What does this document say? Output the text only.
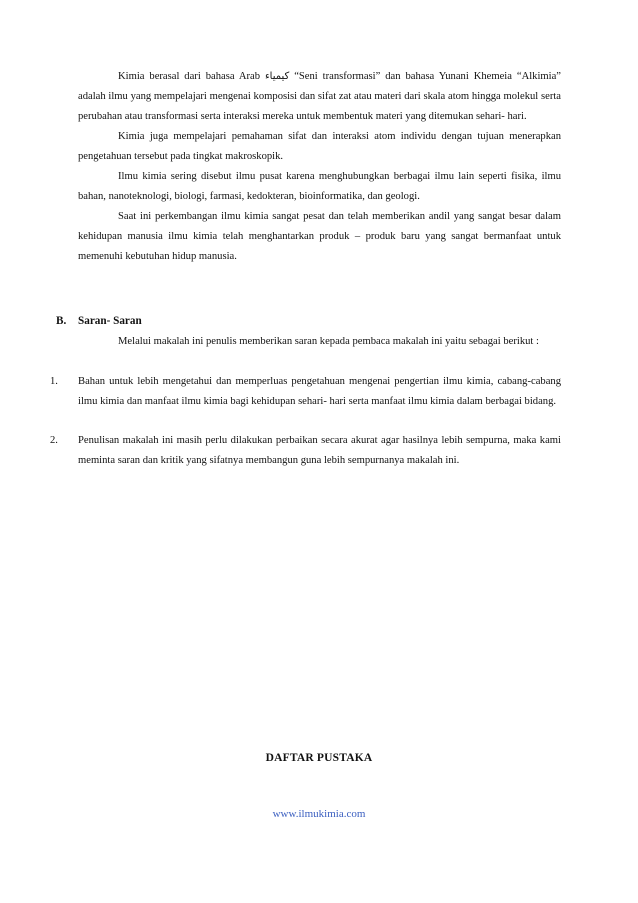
Kimia berasal dari bahasa Arab كيمياء “Seni transformasi” dan bahasa Yunani Khemeia “Alkimia” adalah ilmu yang mempelajari mengenai komposisi dan sifat zat atau materi dari skala atom hingga molekul serta perubahan atau transformasi serta interaksi mereka untuk membentuk materi yang ditemukan sehari- hari.

Kimia juga mempelajari pemahaman sifat dan interaksi atom individu dengan tujuan menerapkan pengetahuan tersebut pada tingkat makroskopik.

Ilmu kimia sering disebut ilmu pusat karena menghubungkan berbagai ilmu lain seperti fisika, ilmu bahan, nanoteknologi, biologi, farmasi, kedokteran, bioinformatika, dan geologi.

Saat ini perkembangan ilmu kimia sangat pesat dan telah memberikan andil yang sangat besar dalam kehidupan manusia ilmu kimia telah menghantarkan produk – produk baru yang sangat bermanfaat untuk memenuhi kebutuhan hidup manusia.

B. Saran- Saran

Melalui makalah ini penulis memberikan saran kepada pembaca makalah ini yaitu sebagai berikut :

1. Bahan untuk lebih mengetahui dan memperluas pengetahuan mengenai pengertian ilmu kimia, cabang-cabang ilmu kimia dan manfaat ilmu kimia bagi kehidupan sehari- hari serta manfaat ilmu kimia dalam berbagai bidang.

2. Penulisan makalah ini masih perlu dilakukan perbaikan secara akurat agar hasilnya lebih sempurna, maka kami meminta saran dan kritik yang sifatnya membangun guna lebih sempurnanya makalah ini.

DAFTAR PUSTAKA
www.ilmukimia.com
